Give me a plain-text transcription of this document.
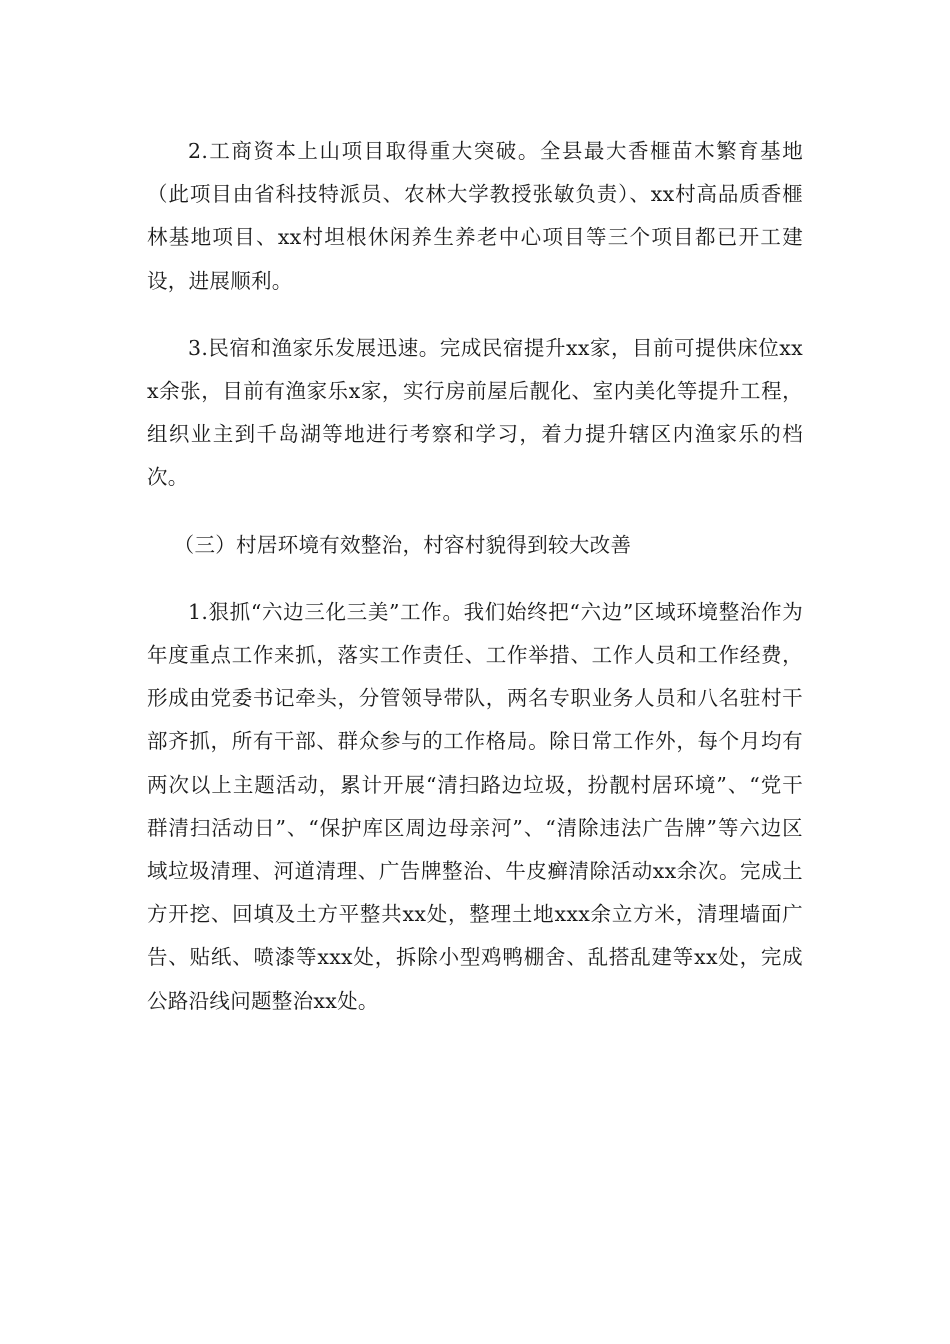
2.工商资本上山项目取得重大突破。全县最大香榧苗木繁育基地（此项目由省科技特派员、农林大学教授张敏负责）、xx村高品质香榧林基地项目、xx村坦根休闲养生养老中心项目等三个项目都已开工建设，进展顺利。

3.民宿和渔家乐发展迅速。完成民宿提升xx家，目前可提供床位xxx余张，目前有渔家乐x家，实行房前屋后靓化、室内美化等提升工程，组织业主到千岛湖等地进行考察和学习，着力提升辖区内渔家乐的档次。

（三）村居环境有效整治，村容村貌得到较大改善

1.狠抓“六边三化三美”工作。我们始终把“六边”区域环境整治作为年度重点工作来抓，落实工作责任、工作举措、工作人员和工作经费，形成由党委书记牵头，分管领导带队，两名专职业务人员和八名驻村干部齐抓，所有干部、群众参与的工作格局。除日常工作外，每个月均有两次以上主题活动，累计开展“清扫路边垃圾，扮靓村居环境”、“党干群清扫活动日”、“保护库区周边母亲河”、“清除违法广告牌”等六边区域垃圾清理、河道清理、广告牌整治、牛皮癣清除活动xx余次。完成土方开挖、回填及土方平整共xx处，整理土地xxx余立方米，清理墙面广告、贴纸、喷漆等xxx处，拆除小型鸡鸭棚舍、乱搭乱建等xx处，完成公路沿线问题整治xx处。
